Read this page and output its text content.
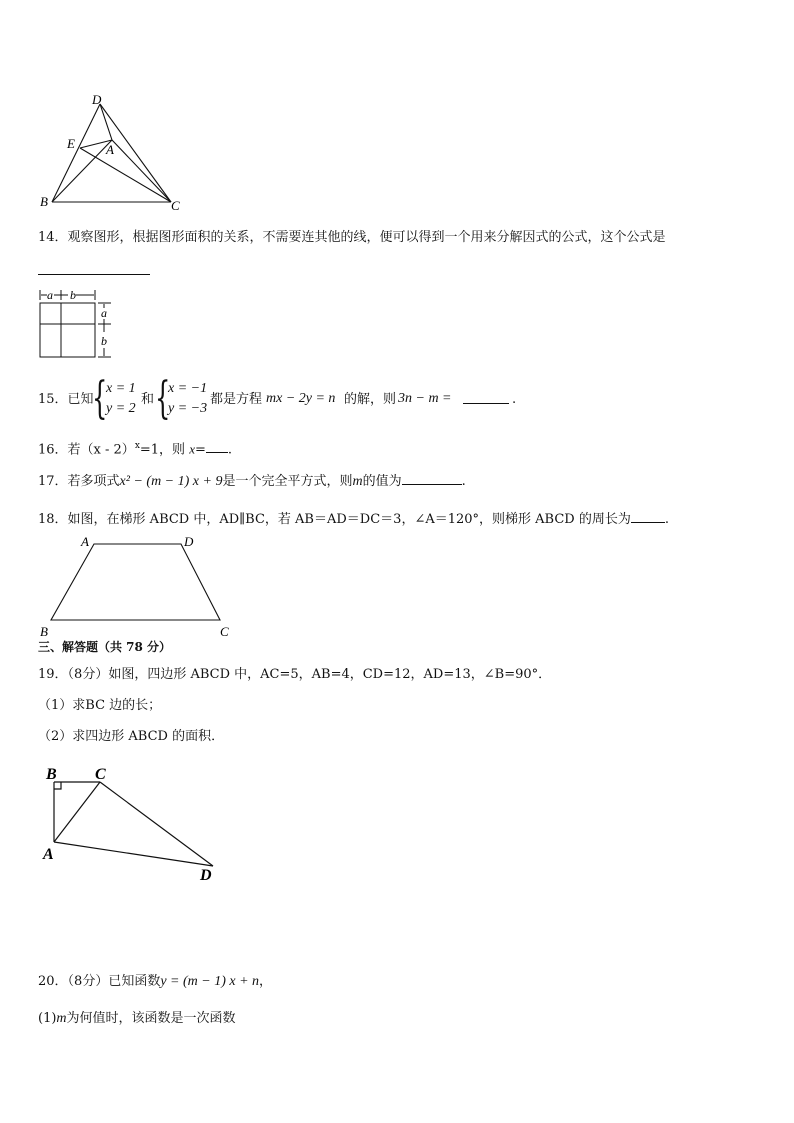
D
E A
B	C
14．观察图形，根据图形面积的关系，不需要连其他的线，便可以得到一个用来分解因式的公式，这个公式是
a b
a
b
15．已知
{
x = 1
y = 2
和 {
x = −1
y = −3
都是方程 mx − 2y = n 的解，则 3n − m =	.
16．若（x - 2）$^x$=1，则 x= .
17．若多项式x² − (m − 1) x + 9是一个完全平方式，则m的值为	.
18．如图，在梯形 ABCD 中，AD∥BC，若 AB＝AD＝DC＝3，∠A＝120°，则梯形 ABCD 的周长为	.
A	D
B	C
三、解答题（共 78 分）
19．（8分）如图，四边形 ABCD 中，AC=5，AB=4，CD=12，AD=13，∠B=90°．
（1）求BC 边的长；
（2）求四边形 ABCD 的面积．
B C
A
D
20．（8分）已知函数y = (m − 1) x + n，
(1)m为何值时，该函数是一次函数
